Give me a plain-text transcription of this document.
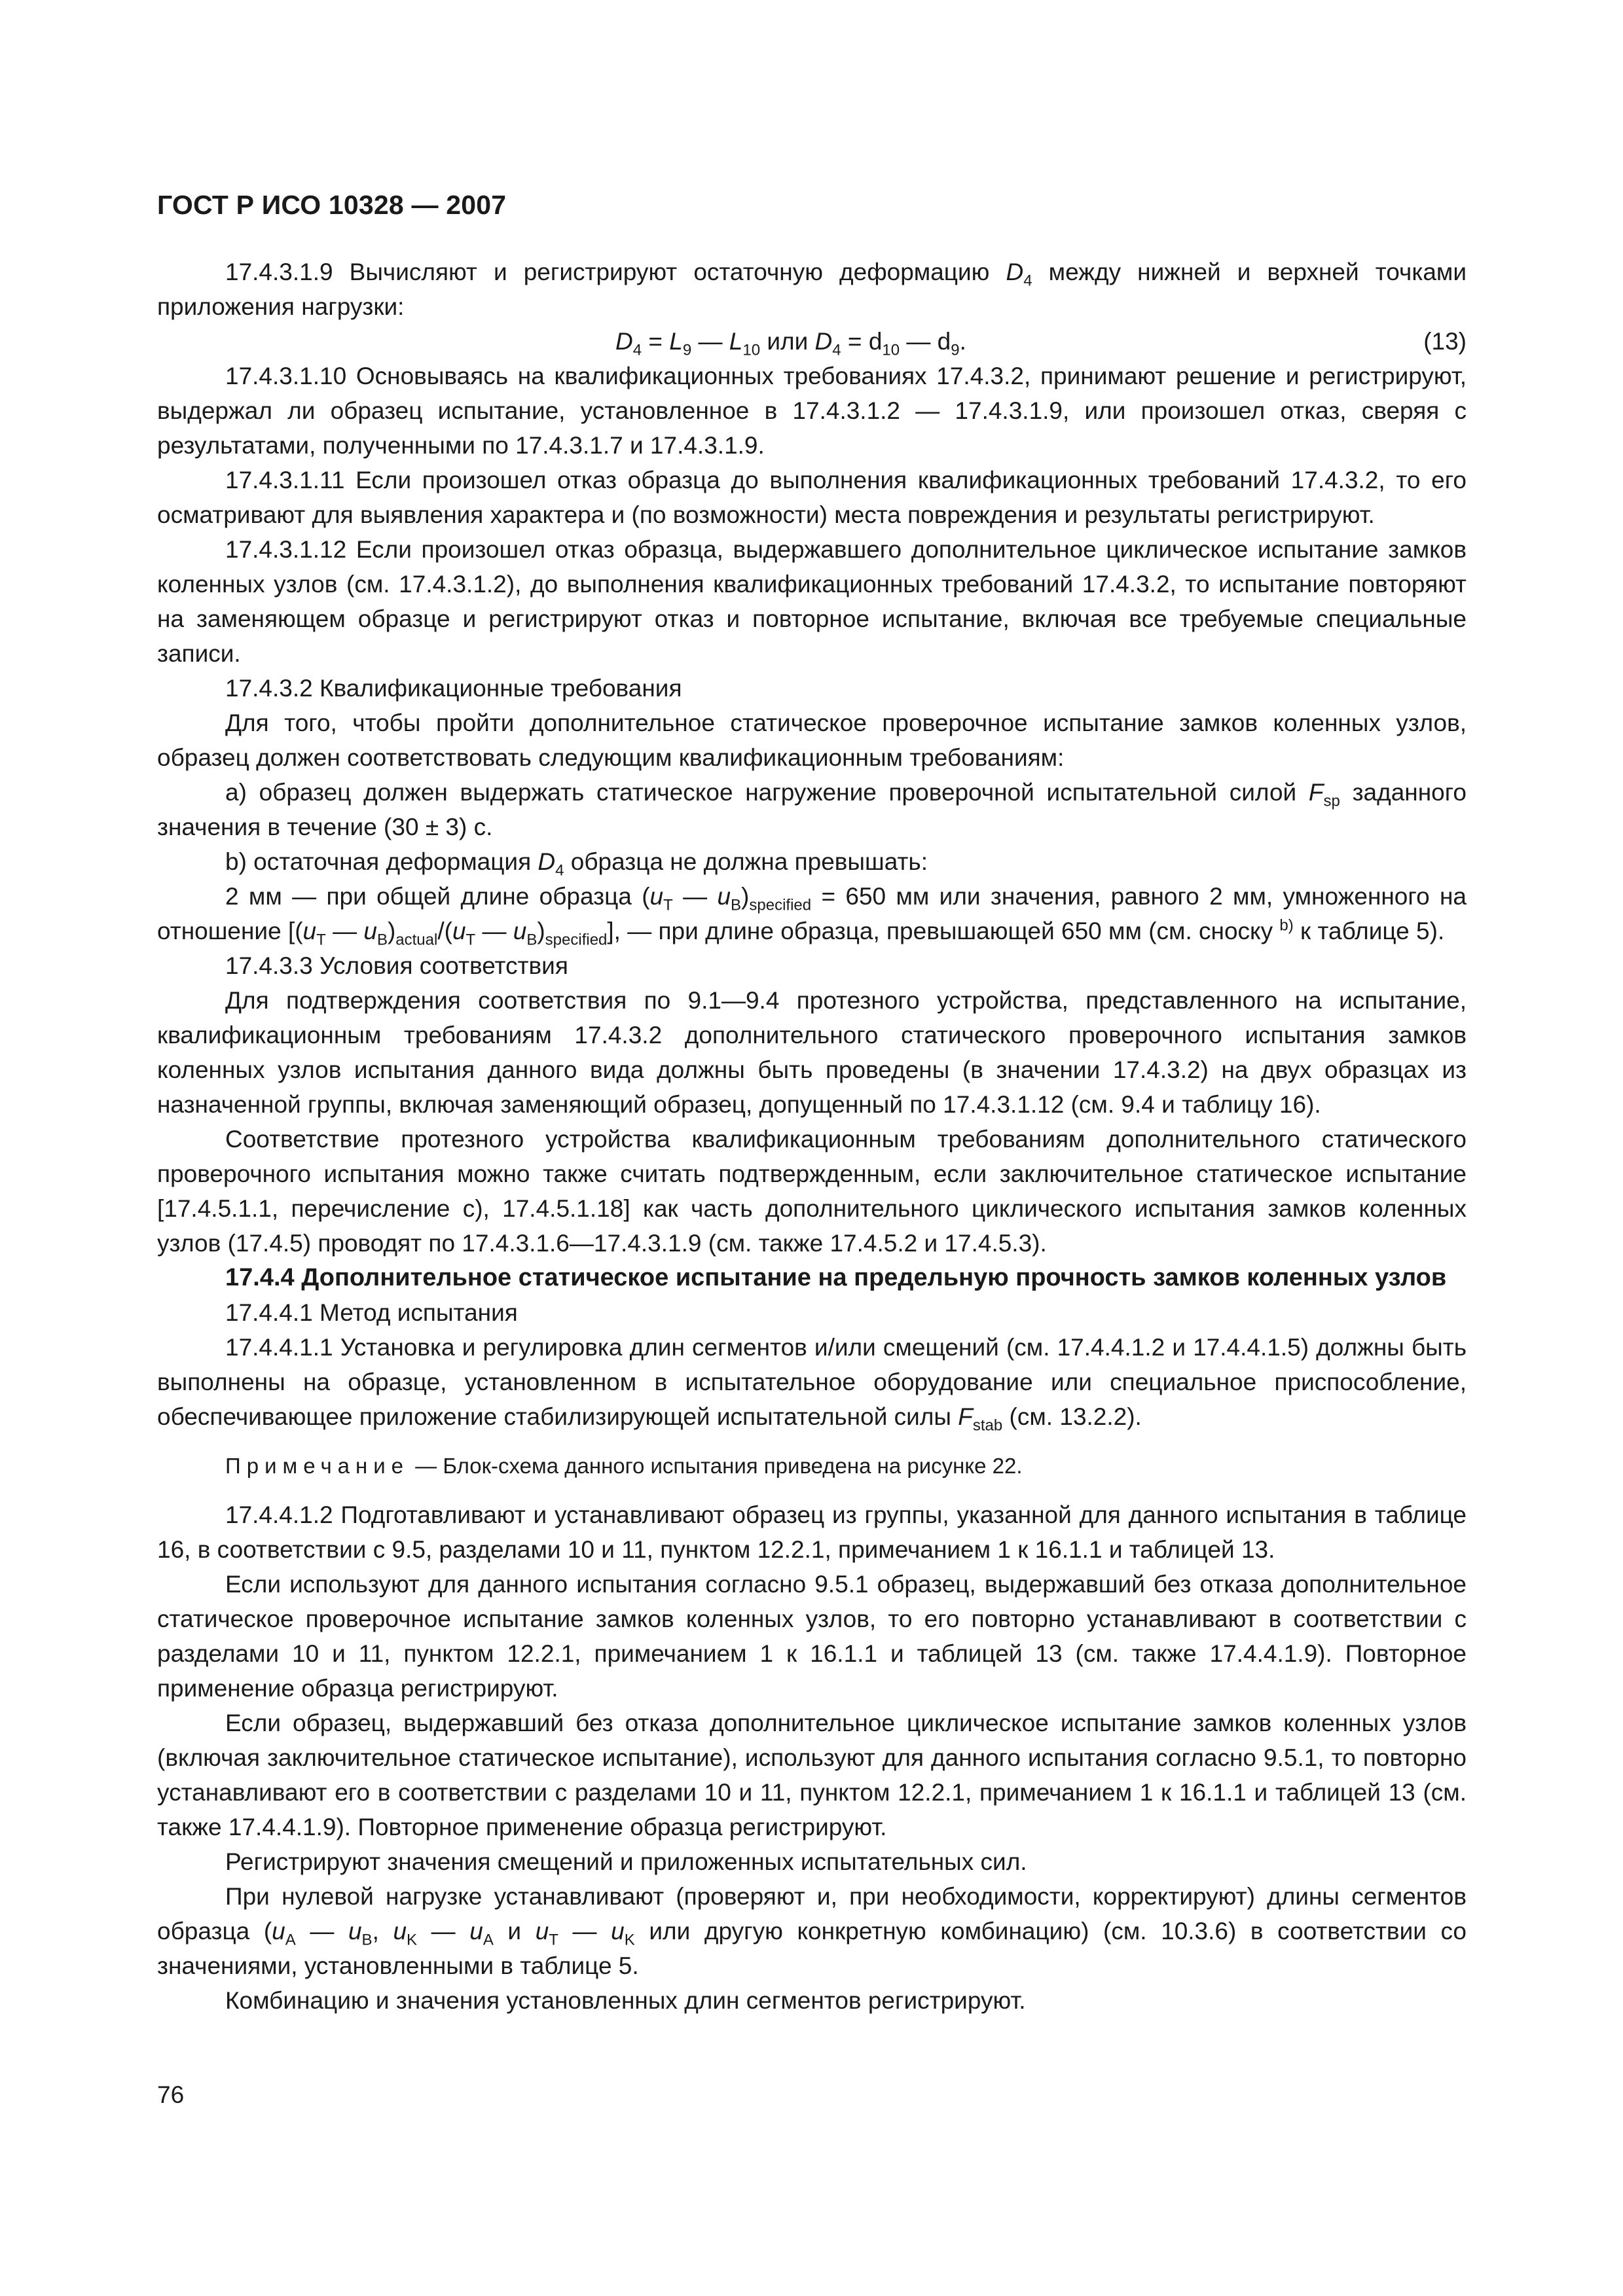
ГОСТ Р ИСО 10328 — 2007

17.4.3.1.9 Вычисляют и регистрируют остаточную деформацию $D_4$ между нижней и верхней точками приложения нагрузки:

$D_4 = L_9$ — $L_{10}$ или $D_4 = d_{10}$ — $d_9$.	(13)

17.4.3.1.10 Основываясь на квалификационных требованиях 17.4.3.2, принимают решение и регистрируют, выдержал ли образец испытание, установленное в 17.4.3.1.2 — 17.4.3.1.9, или произошел отказ, сверяя с результатами, полученными по 17.4.3.1.7 и 17.4.3.1.9.

17.4.3.1.11 Если произошел отказ образца до выполнения квалификационных требований 17.4.3.2, то его осматривают для выявления характера и (по возможности) места повреждения и результаты регистрируют.

17.4.3.1.12 Если произошел отказ образца, выдержавшего дополнительное циклическое испытание замков коленных узлов (см. 17.4.3.1.2), до выполнения квалификационных требований 17.4.3.2, то испытание повторяют на заменяющем образце и регистрируют отказ и повторное испытание, включая все требуемые специальные записи.

17.4.3.2 Квалификационные требования

Для того, чтобы пройти дополнительное статическое проверочное испытание замков коленных узлов, образец должен соответствовать следующим квалификационным требованиям:

a) образец должен выдержать статическое нагружение проверочной испытательной силой $F_{sp}$ заданного значения в течение (30 ± 3) с.

b) остаточная деформация $D_4$ образца не должна превышать:

2 мм — при общей длине образца ($u_T$ — $u_B)_{specified} = 650$ мм или значения, равного 2 мм, умноженного на отношение [($u_T$ — $u_B)_{actual}/(u_T$ — $u_B)_{specified}$], — при длине образца, превышающей 650 мм (см. сноску $^{b)}$ к таблице 5).

17.4.3.3 Условия соответствия

Для подтверждения соответствия по 9.1—9.4 протезного устройства, представленного на испытание, квалификационным требованиям 17.4.3.2 дополнительного статического проверочного испытания замков коленных узлов испытания данного вида должны быть проведены (в значении 17.4.3.2) на двух образцах из назначенной группы, включая заменяющий образец, допущенный по 17.4.3.1.12 (см. 9.4 и таблицу 16).

Соответствие протезного устройства квалификационным требованиям дополнительного статического проверочного испытания можно также считать подтвержденным, если заключительное статическое испытание [17.4.5.1.1, перечисление с), 17.4.5.1.18] как часть дополнительного циклического испытания замков коленных узлов (17.4.5) проводят по 17.4.3.1.6—17.4.3.1.9 (см. также 17.4.5.2 и 17.4.5.3).

17.4.4 Дополнительное статическое испытание на предельную прочность замков коленных узлов

17.4.4.1 Метод испытания

17.4.4.1.1 Установка и регулировка длин сегментов и/или смещений (см. 17.4.4.1.2 и 17.4.4.1.5) должны быть выполнены на образце, установленном в испытательное оборудование или специальное приспособление, обеспечивающее приложение стабилизирующей испытательной силы $F_{stab}$ (см. 13.2.2).

Примечание — Блок-схема данного испытания приведена на рисунке 22.

17.4.4.1.2 Подготавливают и устанавливают образец из группы, указанной для данного испытания в таблице 16, в соответствии с 9.5, разделами 10 и 11, пунктом 12.2.1, примечанием 1 к 16.1.1 и таблицей 13.

Если используют для данного испытания согласно 9.5.1 образец, выдержавший без отказа дополнительное статическое проверочное испытание замков коленных узлов, то его повторно устанавливают в соответствии с разделами 10 и 11, пунктом 12.2.1, примечанием 1 к 16.1.1 и таблицей 13 (см. также 17.4.4.1.9). Повторное применение образца регистрируют.

Если образец, выдержавший без отказа дополнительное циклическое испытание замков коленных узлов (включая заключительное статическое испытание), используют для данного испытания согласно 9.5.1, то повторно устанавливают его в соответствии с разделами 10 и 11, пунктом 12.2.1, примечанием 1 к 16.1.1 и таблицей 13 (см. также 17.4.4.1.9). Повторное применение образца регистрируют.

Регистрируют значения смещений и приложенных испытательных сил.

При нулевой нагрузке устанавливают (проверяют и, при необходимости, корректируют) длины сегментов образца ($u_A$ — $u_B$, $u_K$ — $u_A$ и $u_T$ — $u_K$ или другую конкретную комбинацию) (см. 10.3.6) в соответствии со значениями, установленными в таблице 5.

Комбинацию и значения установленных длин сегментов регистрируют.

76
